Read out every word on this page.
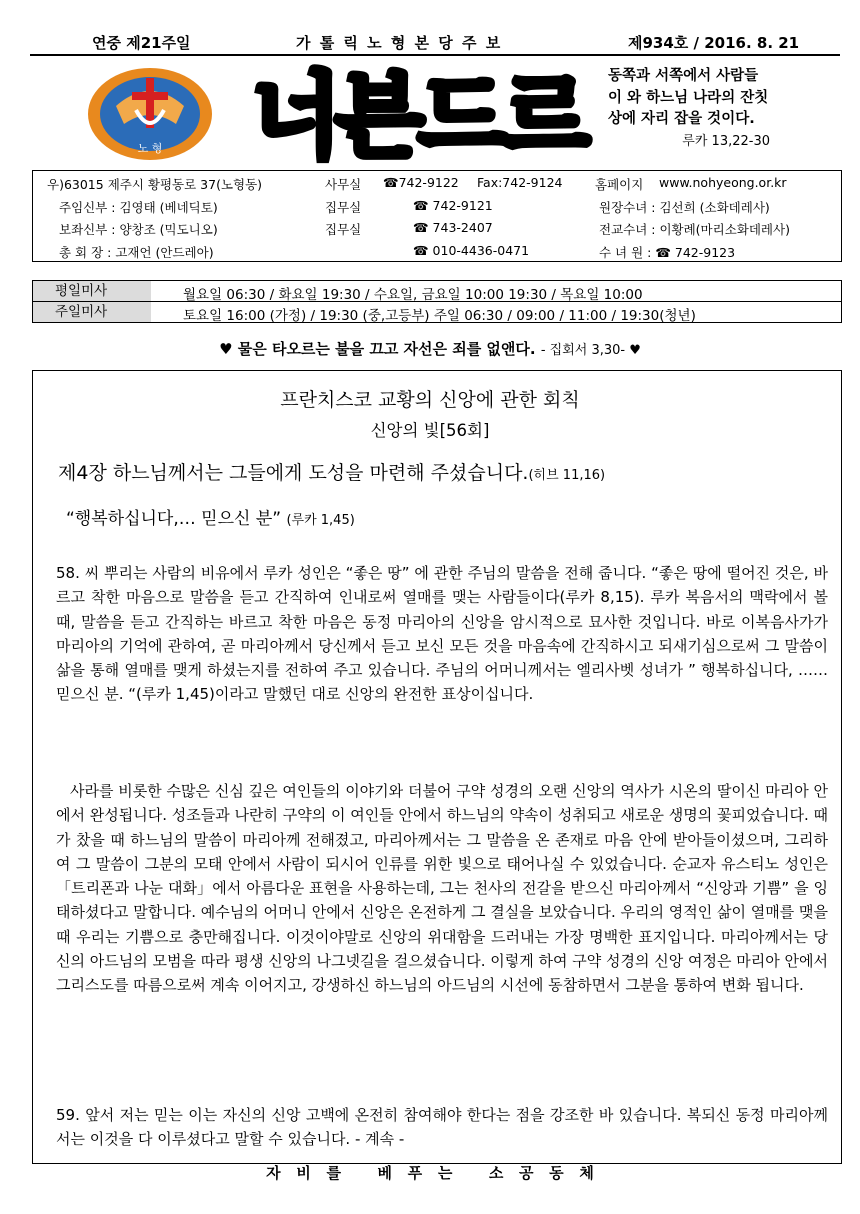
연중 제21주일	가 톨 릭 노 형 본 당 주 보	제934호 / 2016. 8. 21
노 형 너븐드르	동쪽과 서쪽에서 사람들
이 와 하느님 나라의 잔칫
상에 자리 잡을 것이다.
루카 13,22-30
우)63015 제주시 황평동로 37(노형동)	사무실 ☎742-9122 Fax:742-9124	홈페이지 www.nohyeong.or.kr
주임신부 : 김영태 (베네딕토)	집무실	☎ 742-9121	원장수녀 : 김선희 (소화데레사)
보좌신부 : 양창조 (믹도니오)	집무실	☎ 743-2407	전교수녀 : 이황례(마리소화데레사)
총 회 장 : 고재언 (안드레아)	☎ 010-4436-0471	수 녀 원 : ☎ 742-9123
평일미사	월요일 06:30 / 화요일 19:30 / 수요일, 금요일 10:00 19:30 / 목요일 10:00
주일미사	토요일 16:00 (가정) / 19:30 (중,고등부) 주일 06:30 / 09:00 / 11:00 / 19:30(청년)
♥ 물은 타오르는 불을 끄고 자선은 죄를 없앤다. - 집회서 3,30- ♥
프란치스코 교황의 신앙에 관한 회칙
신앙의 빛[56회]
제4장 하느님께서는 그들에게 도성을 마련해 주셨습니다.(히브 11,16)
“행복하십니다,… 믿으신 분” (루카 1,45)
58. 씨 뿌리는 사람의 비유에서 루카 성인은 “좋은 땅” 에 관한 주님의 말씀을 전해 줍니다. “좋은 땅에 떨어진 것은, 바르고 착한 마음으로 말씀을 듣고 간직하여 인내로써 열매를 맺는 사람들이다(루카 8,15). 루카 복음서의 맥락에서 볼 때, 말씀을 듣고 간직하는 바르고 착한 마음은 동정 마리아의 신앙을 암시적으로 묘사한 것입니다. 바로 이복음사가가 마리아의 기억에 관하여, 곧 마리아께서 당신께서 듣고 보신 모든 것을 마음속에 간직하시고 되새기심으로써 그 말씀이 삶을 통해 열매를 맺게 하셨는지를 전하여 주고 있습니다. 주님의 어머니께서는 엘리사벳 성녀가 ” 행복하십니다, …… 믿으신 분. “(루카 1,45)이라고 말했던 대로 신앙의 완전한 표상이십니다.
사라를 비롯한 수많은 신심 깊은 여인들의 이야기와 더불어 구약 성경의 오랜 신앙의 역사가 시온의 딸이신 마리아 안에서 완성됩니다. 성조들과 나란히 구약의 이 여인들 안에서 하느님의 약속이 성취되고 새로운 생명의 꽃피었습니다. 때가 찼을 때 하느님의 말씀이 마리아께 전해졌고, 마리아께서는 그 말씀을 온 존재로 마음 안에 받아들이셨으며, 그리하여 그 말씀이 그분의 모태 안에서 사람이 되시어 인류를 위한 빛으로 태어나실 수 있었습니다. 순교자 유스티노 성인은「트리폰과 나눈 대화」에서 아름다운 표현을 사용하는데, 그는 천사의 전갈을 받으신 마리아께서 “신앙과 기쁨” 을 잉태하셨다고 말합니다. 예수님의 어머니 안에서 신앙은 온전하게 그 결실을 보았습니다. 우리의 영적인 삶이 열매를 맺을 때 우리는 기쁨으로 충만해집니다. 이것이야말로 신앙의 위대함을 드러내는 가장 명백한 표지입니다. 마리아께서는 당신의 아드님의 모범을 따라 평생 신앙의 나그넷길을 걸으셨습니다. 이렇게 하여 구약 성경의 신앙 여정은 마리아 안에서 그리스도를 따름으로써 계속 이어지고, 강생하신 하느님의 아드님의 시선에 동참하면서 그분을 통하여 변화 됩니다.
59. 앞서 저는 믿는 이는 자신의 신앙 고백에 온전히 참여해야 한다는 점을 강조한 바 있습니다. 복되신 동정 마리아께서는 이것을 다 이루셨다고 말할 수 있습니다. - 계속 -
자   비   를       베   푸   는       소   공   동   체
